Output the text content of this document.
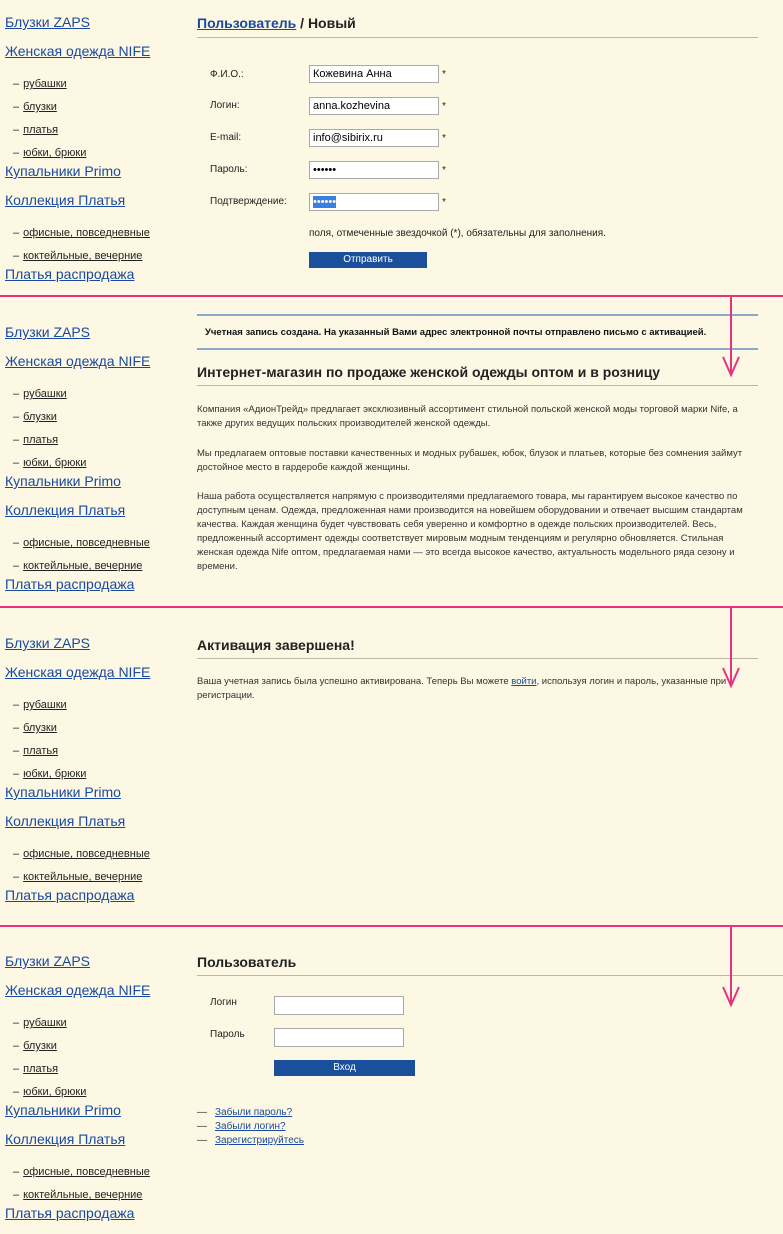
Блузки ZAPS
Женская одежда NIFE
– рубашки
– блузки
– платья
– юбки, брюки
Купальники Primo
Коллекция Платья
– офисные, повседневные
– коктейльные, вечерние
Платья распродажа
Пользователь / Новый
Ф.И.О.:
Кожевина Анна	*
Логин:
anna.kozhevina	*
E-mail:
info@sibirix.ru	*
Пароль:
••••••	*
Подтверждение:	••••••	*
поля, отмеченные звездочкой (*), обязательны для заполнения.
Отправить
Блузки ZAPS
Женская одежда NIFE
– рубашки
– блузки
– платья
– юбки, брюки
Купальники Primo
Коллекция Платья
– офисные, повседневные
– коктейльные, вечерние
Платья распродажа
Учетная запись создана. На указанный Вами адрес электронной почты отправлено письмо с активацией.
Интернет-магазин по продаже женской одежды оптом и в розницу

Компания «АдионТрейд» предлагает эксклюзивный ассортимент стильной польской женской моды торговой марки Nife, а также других ведущих польских производителей женской одежды.

Мы предлагаем оптовые поставки качественных и модных рубашек, юбок, блузок и платьев, которые без сомнения займут достойное место в гардеробе каждой женщины.

Наша работа осуществляется напрямую с производителями предлагаемого товара, мы гарантируем высокое качество по доступным ценам. Одежда, предложенная нами производится на новейшем оборудовании и отвечает высшим стандартам качества. Каждая женщина будет чувствовать себя уверенно и комфортно в одежде польских производителей. Весь, предложенный ассортимент одежды соответствует мировым модным тенденциям и регулярно обновляется. Стильная женская одежда Nife оптом, предлагаемая нами — это всегда высокое качество, актуальность модельного ряда сезону и времени.

Блузки ZAPS
Женская одежда NIFE
– рубашки
– блузки
– платья
– юбки, брюки
Купальники Primo
Коллекция Платья
– офисные, повседневные
– коктейльные, вечерние
Платья распродажа
Активация завершена!

Ваша учетная запись была успешно активирована. Теперь Вы можете войти, используя логин и пароль, указанные при регистрации.

Блузки ZAPS
Женская одежда NIFE
– рубашки
– блузки
– платья
– юбки, брюки
Купальники Primo
Коллекция Платья
– офисные, повседневные
– коктейльные, вечерние
Платья распродажа
Пользователь
Логин
Пароль
Вход
— Забыли пароль?
— Забыли логин?
— Зарегистрируйтесь
